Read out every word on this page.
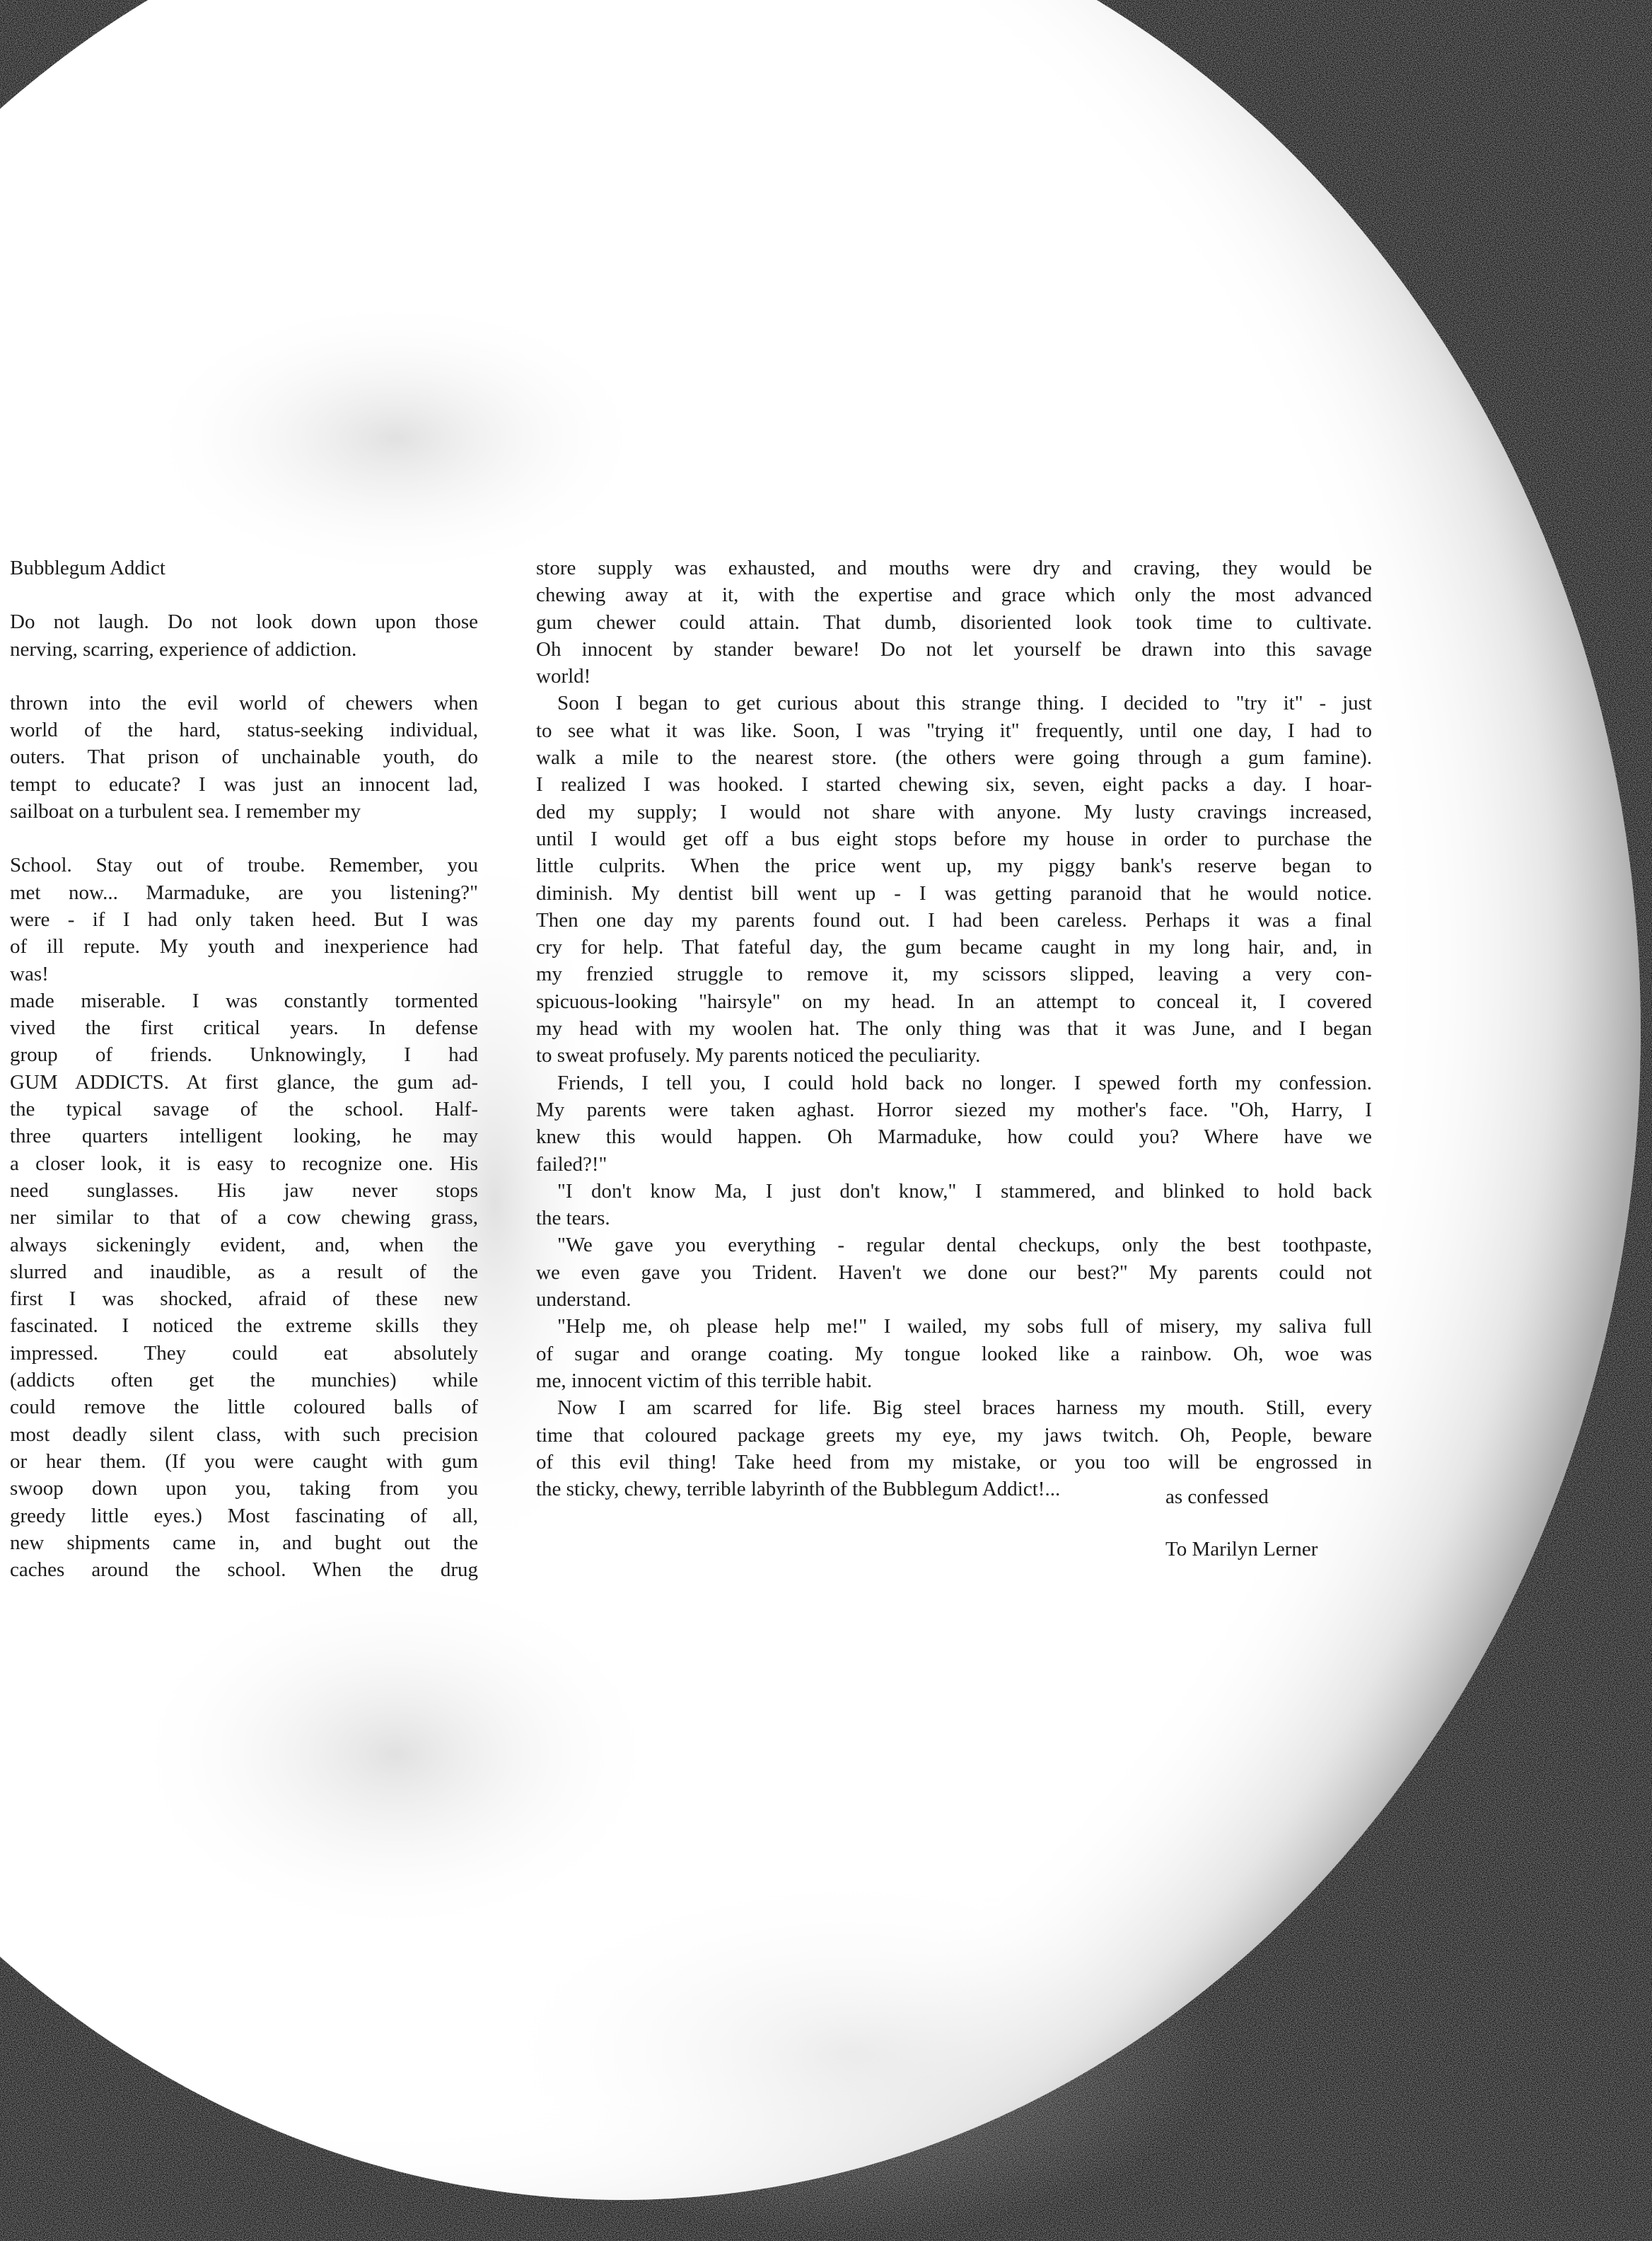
Bubblegum Addict
Do not laugh. Do not look down upon those
nerving, scarring, experience of addiction.
thrown into the evil world of chewers when
world of the hard, status-seeking individual,
outers. That prison of unchainable youth, do
tempt to educate? I was just an innocent lad,
sailboat on a turbulent sea. I remember my
School. Stay out of troube. Remember, you
met now... Marmaduke, are you listening?"
were - if I had only taken heed. But I was
of ill repute. My youth and inexperience had
was!
made miserable. I was constantly tormented
vived the first critical years. In defense
group of friends. Unknowingly, I had
GUM ADDICTS. At first glance, the gum ad-
the typical savage of the school. Half-
three quarters intelligent looking, he may
a closer look, it is easy to recognize one. His
need sunglasses. His jaw never stops
ner similar to that of a cow chewing grass,
always sickeningly evident, and, when the
slurred and inaudible, as a result of the
first I was shocked, afraid of these new
fascinated. I noticed the extreme skills they
impressed. They could eat absolutely
(addicts often get the munchies) while
could remove the little coloured balls of
most deadly silent class, with such precision
or hear them. (If you were caught with gum
swoop down upon you, taking from you
greedy little eyes.) Most fascinating of all,
new shipments came in, and bught out the
caches around the school. When the drug
store supply was exhausted, and mouths were dry and craving, they would be
chewing away at it, with the expertise and grace which only the most advanced
gum chewer could attain. That dumb, disoriented look took time to cultivate.
Oh innocent by stander beware! Do not let yourself be drawn into this savage
world!
Soon I began to get curious about this strange thing. I decided to "try it" - just
to see what it was like. Soon, I was "trying it" frequently, until one day, I had to
walk a mile to the nearest store. (the others were going through a gum famine).
I realized I was hooked. I started chewing six, seven, eight packs a day. I hoar-
ded my supply; I would not share with anyone. My lusty cravings increased,
until I would get off a bus eight stops before my house in order to purchase the
little culprits. When the price went up, my piggy bank's reserve began to
diminish. My dentist bill went up - I was getting paranoid that he would notice.
Then one day my parents found out. I had been careless. Perhaps it was a final
cry for help. That fateful day, the gum became caught in my long hair, and, in
my frenzied struggle to remove it, my scissors slipped, leaving a very con-
spicuous-looking "hairsyle" on my head. In an attempt to conceal it, I covered
my head with my woolen hat. The only thing was that it was June, and I began
to sweat profusely. My parents noticed the peculiarity.
Friends, I tell you, I could hold back no longer. I spewed forth my confession.
My parents were taken aghast. Horror siezed my mother's face. "Oh, Harry, I
knew this would happen. Oh Marmaduke, how could you? Where have we
failed?!"
"I don't know Ma, I just don't know," I stammered, and blinked to hold back
the tears.
"We gave you everything - regular dental checkups, only the best toothpaste,
we even gave you Trident. Haven't we done our best?" My parents could not
understand.
"Help me, oh please help me!" I wailed, my sobs full of misery, my saliva full
of sugar and orange coating. My tongue looked like a rainbow. Oh, woe was
me, innocent victim of this terrible habit.
Now I am scarred for life. Big steel braces harness my mouth. Still, every
time that coloured package greets my eye, my jaws twitch. Oh, People, beware
of this evil thing! Take heed from my mistake, or you too will be engrossed in
the sticky, chewy, terrible labyrinth of the Bubblegum Addict!...	as confessed
To Marilyn Lerner
